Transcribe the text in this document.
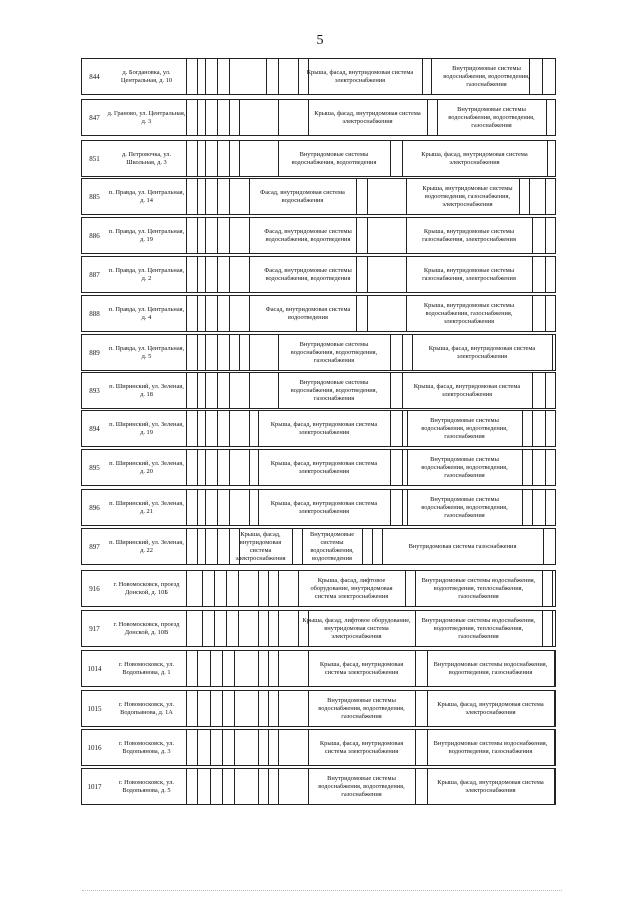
5
844
д. Богдановка, ул. Центральная, д. 10
Крыша, фасад, внутридомовая система электроснабжения
Внутридомовые системы водоснабжения, водоотведения, газоснабжения
847
д. Граново, ул. Центральная, д. 3
Крыша, фасад, внутридомовая система электроснабжения
Внутридомовые системы водоснабжения, водоотведения, газоснабжения
851
д. Петровочка, ул. Школьная, д. 3
Внутридомовые системы водоснабжения, водоотведения
Крыша, фасад, внутридомовая система электроснабжения
885
п. Правда, ул. Центральная, д. 14
Фасад, внутридомовая система водоснабжения
Крыша, внутридомовые системы водоотведения, газоснабжения, электроснабжения
886
п. Правда, ул. Центральная, д. 19
Фасад, внутридомовые системы водоснабжения, водоотведения
Крыша, внутридомовые системы газоснабжения, электроснабжения
887
п. Правда, ул. Центральная, д. 2
Фасад, внутридомовые системы водоснабжения, водоотведения
Крыша, внутридомовые системы газоснабжения, электроснабжения
888
п. Правда, ул. Центральная, д. 4
Фасад, внутридомовая система водоотведения
Крыша, внутридомовые системы водоснабжения, газоснабжения, электроснабжения
889
п. Правда, ул. Центральная, д. 5
Внутридомовые системы водоснабжения, водоотведения, газоснабжения
Крыша, фасад, внутридомовая система электроснабжения
893
п. Ширинский, ул. Зеленая, д. 18
Внутридомовые системы водоснабжения, водоотведения, газоснабжения
Крыша, фасад, внутридомовая система электроснабжения
894
п. Ширинский, ул. Зеленая, д. 19
Крыша, фасад, внутридомовая система электроснабжения
Внутридомовые системы водоснабжения, водоотведения, газоснабжения
895
п. Ширинский, ул. Зеленая, д. 20
Крыша, фасад, внутридомовая система электроснабжения
Внутридомовые системы водоснабжения, водоотведения, газоснабжения
896
п. Ширинский, ул. Зеленая, д. 21
Крыша, фасад, внутридомовая система электроснабжения
Внутридомовые системы водоснабжения, водоотведения, газоснабжения
897
п. Ширинский, ул. Зеленая, д. 22
Крыша, фасад, внутридомовая система электроснабжения
Внутридомовые системы водоснабжения, водоотведения
Внутридомовая система газоснабжения
916
г. Новомосковск, проезд Донской, д. 10Б
Крыша, фасад, лифтовое оборудование, внутридомовая система электроснабжения
Внутридомовые системы водоснабжения, водоотведения, теплоснабжения, газоснабжения
917
г. Новомосковск, проезд Донской, д. 10В
Крыша, фасад, лифтовое оборудование, внутридомовая система электроснабжения
Внутридомовые системы водоснабжения, водоотведения, теплоснабжения, газоснабжения
1014
г. Новомосковск, ул. Водопьянова, д. 1
Крыша, фасад, внутридомовая система электроснабжения
Внутридомовые системы водоснабжения, водоотведения, газоснабжения
1015
г. Новомосковск, ул. Водопьянова, д. 1А
Внутридомовые системы водоснабжения, водоотведения, газоснабжения
Крыша, фасад, внутридомовая система электроснабжения
1016
г. Новомосковск, ул. Водопьянова, д. 3
Крыша, фасад, внутридомовая система электроснабжения
Внутридомовые системы водоснабжения, водоотведения, газоснабжения
1017
г. Новомосковск, ул. Водопьянова, д. 5
Внутридомовые системы водоснабжения, водоотведения, газоснабжения
Крыша, фасад, внутридомовая система электроснабжения
